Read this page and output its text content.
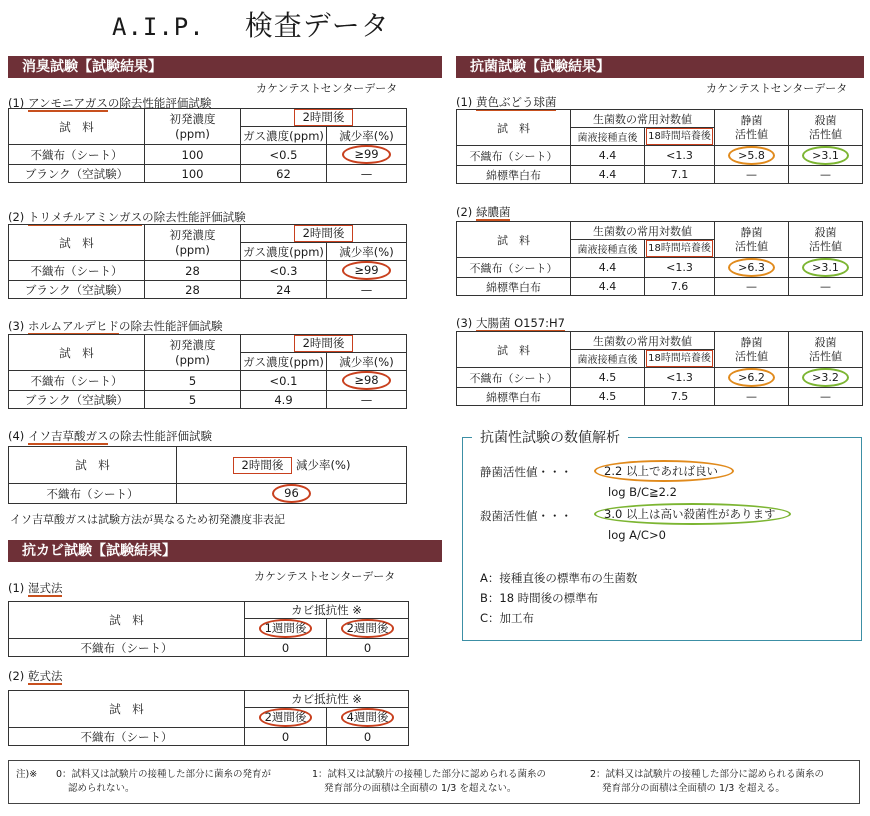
A.I.P. 検査データ
消臭試験【試験結果】
カケンテストセンターデータ
(1) アンモニアガスの除去性能評価試験
試　料	初発濃度
(ppm)	2時間後	
		ガス濃度(ppm)	減少率(%)
不織布（シート）	100	<0.5	≥99
ブランク（空試験）	100	62	—
(2) トリメチルアミンガスの除去性能評価試験
試　料	初発濃度
(ppm)	2時間後	
		ガス濃度(ppm)	減少率(%)
不織布（シート）	28	<0.3	≥99
ブランク（空試験）	28	24	—
(3) ホルムアルデヒドの除去性能評価試験
試　料	初発濃度
(ppm)	2時間後	
		ガス濃度(ppm)	減少率(%)
不織布（シート）	5	<0.1	≥98
ブランク（空試験）	5	4.9	—
(4) イソ吉草酸ガスの除去性能評価試験
試　料	2時間後 減少率(%)
不織布（シート）	96
イソ吉草酸ガスは試験方法が異なるため初発濃度非表記
抗カビ試験【試験結果】
カケンテストセンターデータ
(1) 湿式法
試　料	カビ抵抗性 ※	
	1週間後	2週間後
不織布（シート）	0	0
(2) 乾式法
試　料	カビ抵抗性 ※	
	2週間後	4週間後
不織布（シート）	0	0
抗菌試験【試験結果】
カケンテストセンターデータ
(1) 黄色ぶどう球菌
試　料	生菌数の常用対数値		静菌
活性値	殺菌
活性値
	菌液接種直後	18時間培養後		
不織布（シート）	4.4	<1.3	>5.8	>3.1
綿標準白布	4.4	7.1	—	—
(2) 緑膿菌
試　料	生菌数の常用対数値		静菌
活性値	殺菌
活性値
	菌液接種直後	18時間培養後		
不織布（シート）	4.4	<1.3	>6.3	>3.1
綿標準白布	4.4	7.6	—	—
(3) 大腸菌 O157:H7
試　料	生菌数の常用対数値		静菌
活性値	殺菌
活性値
	菌液接種直後	18時間培養後		
不織布（シート）	4.5	<1.3	>6.2	>3.2
綿標準白布	4.5	7.5	—	—
抗菌性試験の数値解析
静菌活性値・・・	2.2 以上であれば良い
log B/C≧2.2
殺菌活性値・・・	3.0 以上は高い殺菌性があります
log A/C>0
A：接種直後の標準布の生菌数
B：18 時間後の標準布
C：加工布
注)※ 0：試料又は試験片の接種した部分に菌糸の発育が
認められない。
1：試料又は試験片の接種した部分に認められる菌糸の
発育部分の面積は全面積の 1/3 を超えない。
2：試料又は試験片の接種した部分に認められる菌糸の
発育部分の面積は全面積の 1/3 を超える。
